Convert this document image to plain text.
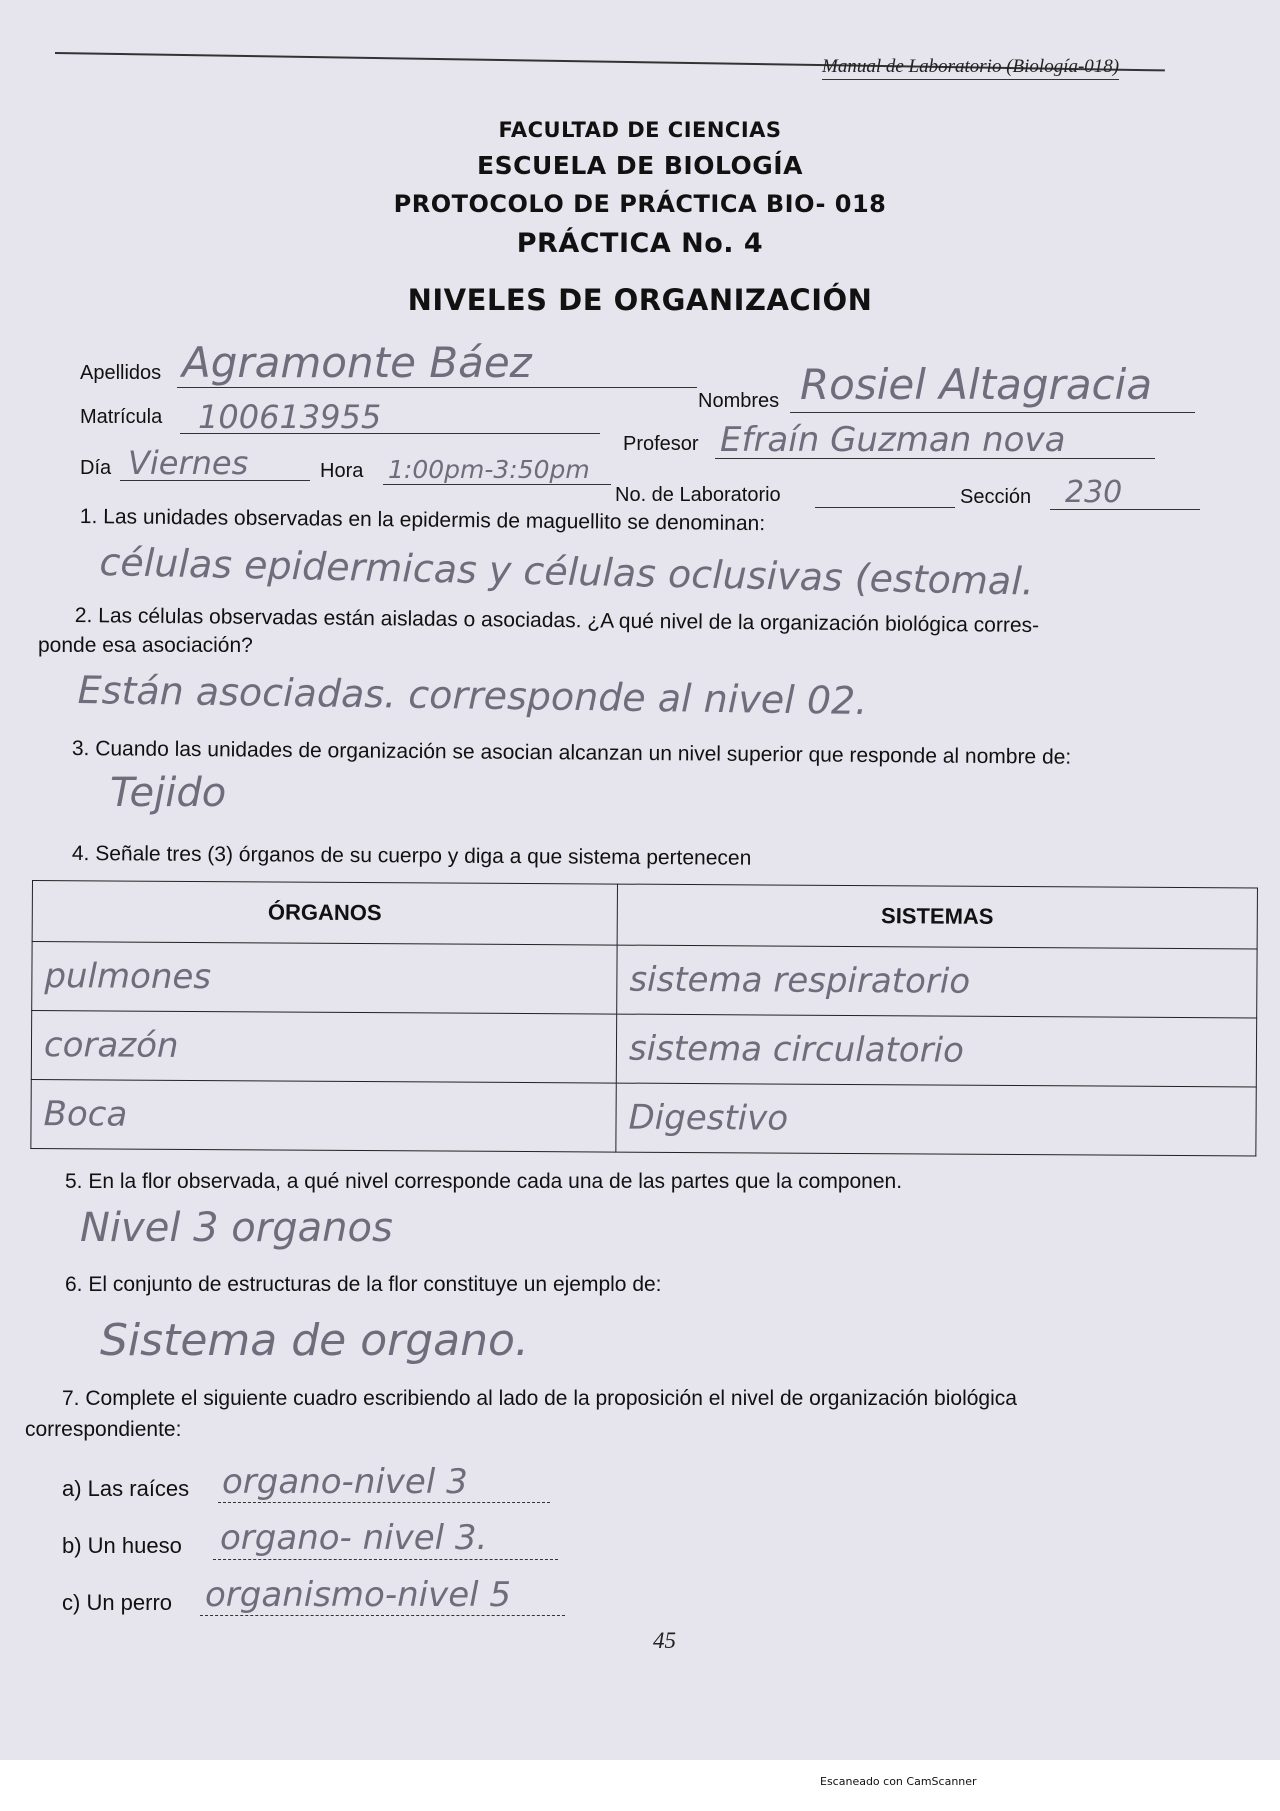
Manual de Laboratorio (Biología-018)
FACULTAD DE CIENCIAS
ESCUELA DE BIOLOGÍA
PROTOCOLO DE PRÁCTICA BIO- 018
PRÁCTICA No. 4
NIVELES DE ORGANIZACIÓN
Apellidos Agramonte Báez
Nombres Rosiel Altagracia
Matrícula 100613955
Profesor Efraín Guzman nova
Día Viernes	Hora 1:00pm-3:50pm
No. de Laboratorio	Sección 230
1. Las unidades observadas en la epidermis de maguellito se denominan:
células epidermicas y células oclusivas (estomal.
2. Las células observadas están aisladas o asociadas. ¿A qué nivel de la organización biológica corres-
ponde esa asociación?
Están asociadas. corresponde al nivel 02.
3. Cuando las unidades de organización se asocian alcanzan un nivel superior que responde al nombre de:
Tejido
4. Señale tres (3) órganos de su cuerpo y diga a que sistema pertenecen
ÓRGANOS	SISTEMAS
pulmones	sistema respiratorio
corazón	sistema circulatorio
Boca	Digestivo
5. En la flor observada, a qué nivel corresponde cada una de las partes que la componen.
Nivel 3 organos
6. El conjunto de estructuras de la flor constituye un ejemplo de:
Sistema de organo.
7. Complete el siguiente cuadro escribiendo al lado de la proposición el nivel de organización biológica
correspondiente:
a) Las raíces organo-nivel 3
b) Un hueso organo- nivel 3.
c) Un perro organismo-nivel 5
45
Escaneado con CamScanner
